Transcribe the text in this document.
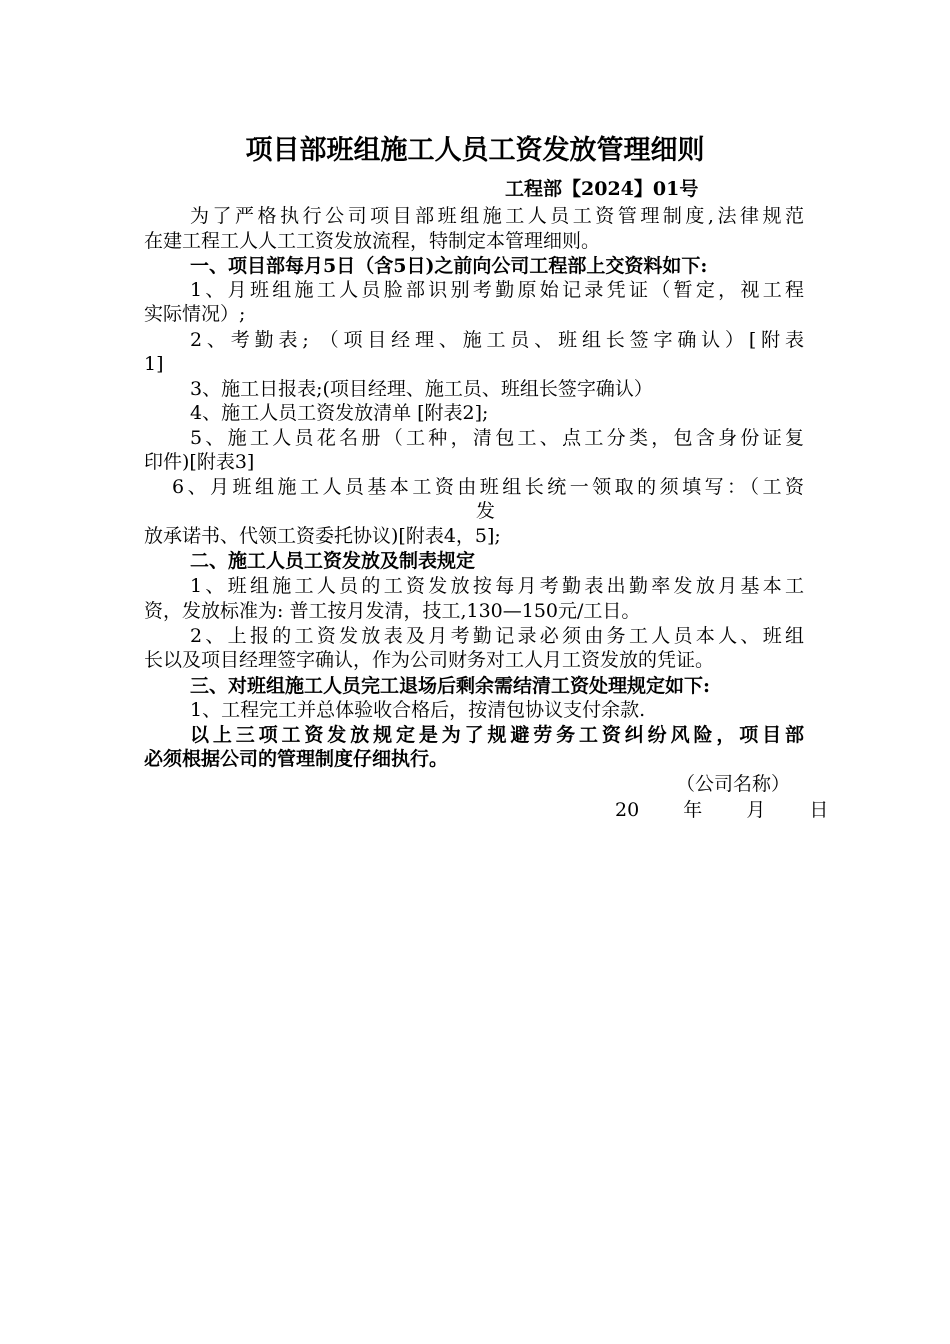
项目部班组施工人员工资发放管理细则
工程部【2024】01号
为了严格执行公司项目部班组施工人员工资管理制度,法律规范
在建工程工人人工工资发放流程，特制定本管理细则。
一、项目部每月5日（含5日)之前向公司工程部上交资料如下:
1、月班组施工人员脸部识别考勤原始记录凭证（暂定，视工程
实际情况）;
2、考勤表; （项目经理、施工员、班组长签字确认）[附表
1]
3、施工日报表;(项目经理、施工员、班组长签字确认）
4、施工人员工资发放清单 [附表2];
5、施工人员花名册（工种，清包工、点工分类，包含身份证复
印件)[附表3]
6、月班组施工人员基本工资由班组长统一领取的须填写：（工资
发
放承诺书、代领工资委托协议)[附表4，5];
二、施工人员工资发放及制表规定
1、班组施工人员的工资发放按每月考勤表出勤率发放月基本工
资，发放标准为: 普工按月发清，技工,130—150元/工日。
2、上报的工资发放表及月考勤记录必须由务工人员本人、班组
长以及项目经理签字确认，作为公司财务对工人月工资发放的凭证。
三、对班组施工人员完工退场后剩余需结清工资处理规定如下:
1、工程完工并总体验收合格后，按清包协议支付余款.
以上三项工资发放规定是为了规避劳务工资纠纷风险，项目部
必须根据公司的管理制度仔细执行。
（公司名称）
20  年  月  日
